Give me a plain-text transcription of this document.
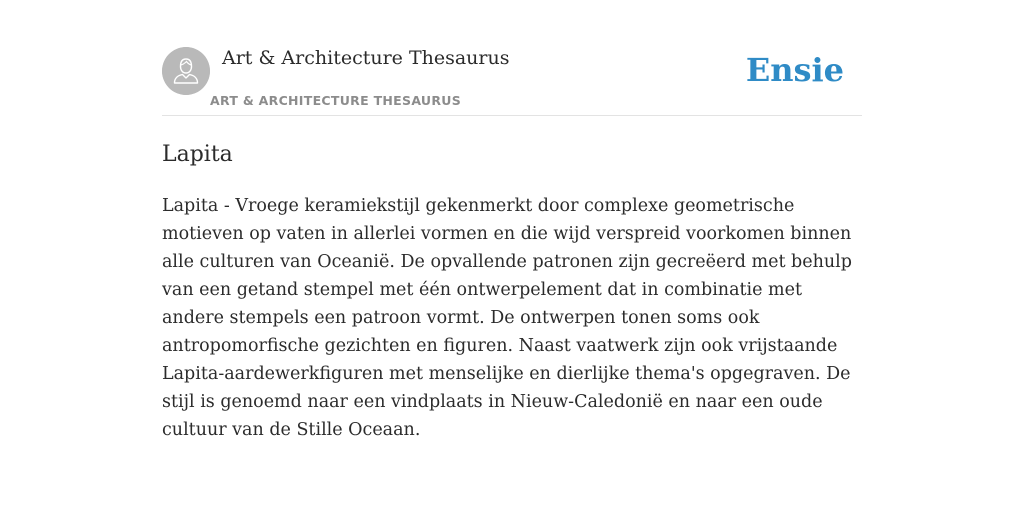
Art & Architecture Thesaurus
ART & ARCHITECTURE THESAURUS
Ensie
Lapita

Lapita - Vroege keramiekstijl gekenmerkt door complexe geometrische motieven op vaten in allerlei vormen en die wijd verspreid voorkomen binnen alle culturen van Oceanië. De opvallende patronen zijn gecreëerd met behulp van een getand stempel met één ontwerpelement dat in combinatie met andere stempels een patroon vormt. De ontwerpen tonen soms ook antropomorfische gezichten en figuren. Naast vaatwerk zijn ook vrijstaande Lapita-aardewerkfiguren met menselijke en dierlijke thema's opgegraven. De stijl is genoemd naar een vindplaats in Nieuw-Caledonië en naar een oude cultuur van de Stille Oceaan.
